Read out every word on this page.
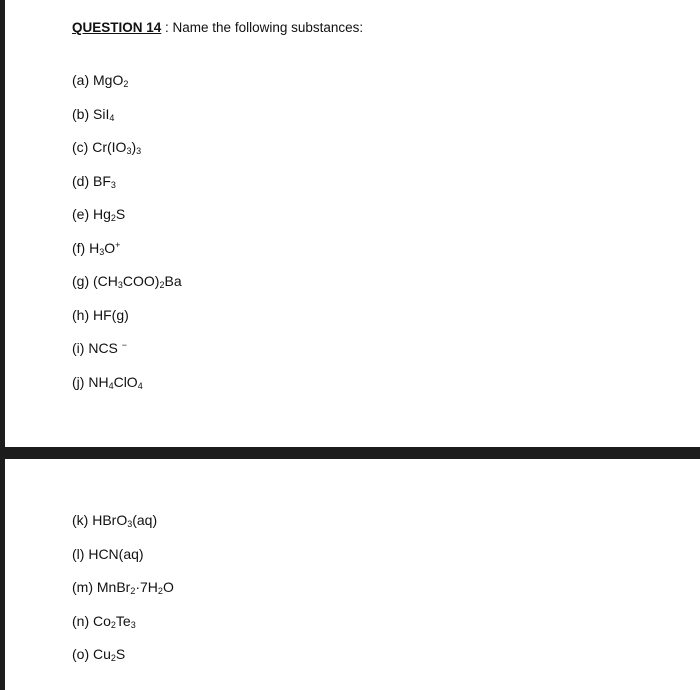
QUESTION 14 : Name the following substances:

(a) MgO$_2$
(b) SiI$_4$
(c) $Cr(IO_3)_3$
(d) $BF_3$
(e) $Hg_2S$
(f) $H_3O^+$
(g) $(CH_3COO)_2Ba$
(h) HF(g)
(i) NCS −
(j) $NH_4ClO_4$
(k) HBrO$_3$(aq)
(l) HCN(aq)
(m) $MnBr_2\cdot 7H_2O$
(n) $Co_2Te_3$
(o) $Cu_2S$
